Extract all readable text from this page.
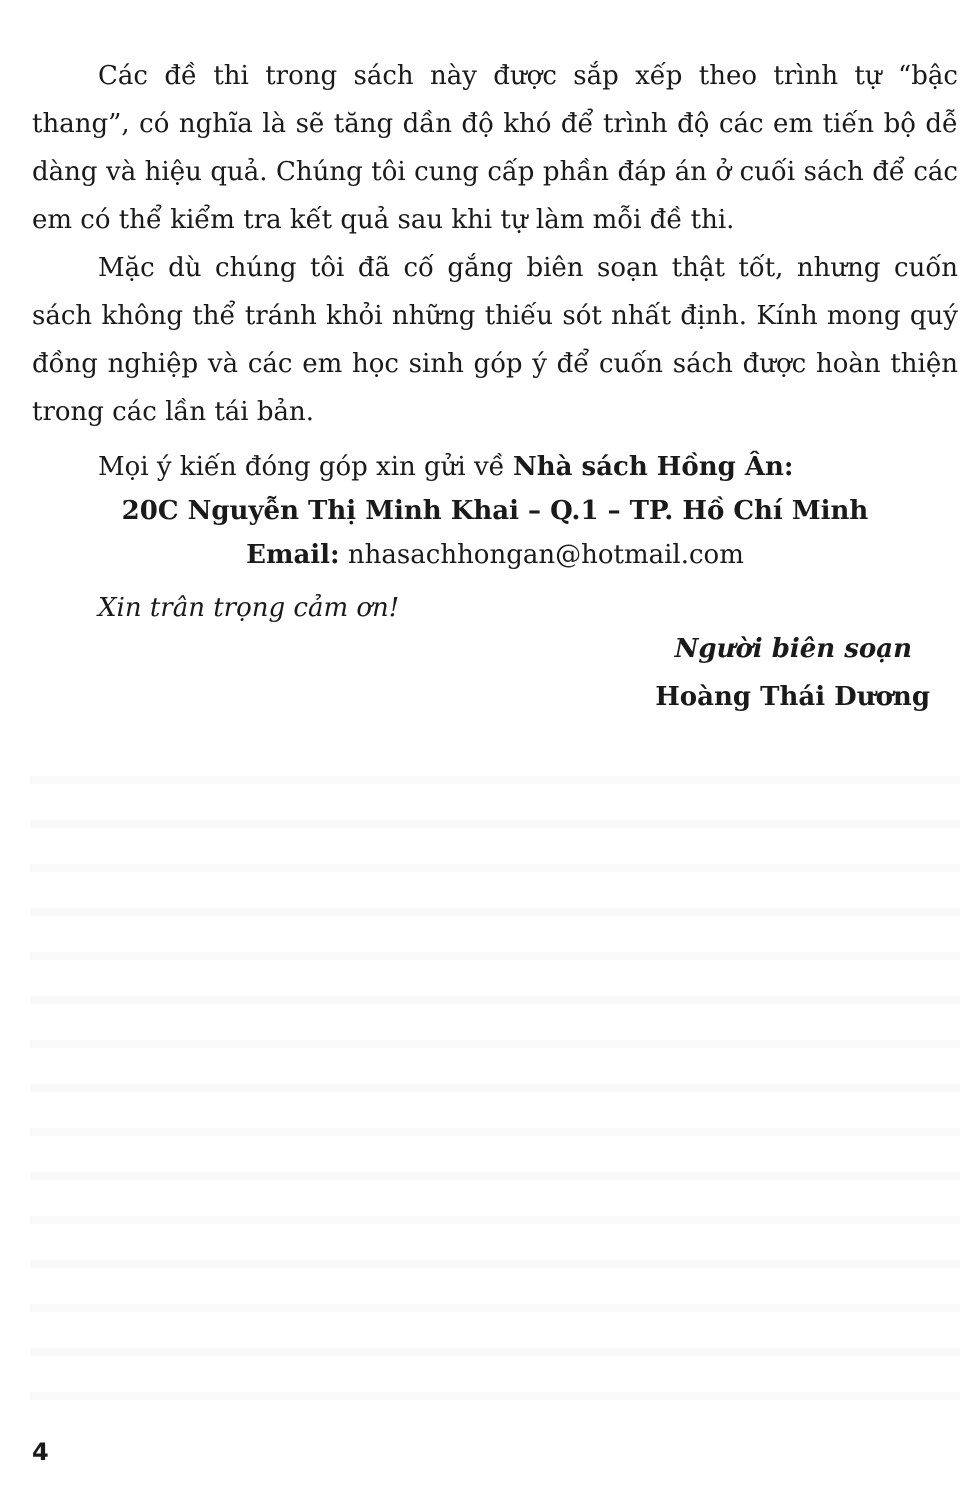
Các đề thi trong sách này được sắp xếp theo trình tự “bậc thang”, có nghĩa là sẽ tăng dần độ khó để trình độ các em tiến bộ dễ dàng và hiệu quả. Chúng tôi cung cấp phần đáp án ở cuối sách để các em có thể kiểm tra kết quả sau khi tự làm mỗi đề thi.

Mặc dù chúng tôi đã cố gắng biên soạn thật tốt, nhưng cuốn sách không thể tránh khỏi những thiếu sót nhất định. Kính mong quý đồng nghiệp và các em học sinh góp ý để cuốn sách được hoàn thiện trong các lần tái bản.

Mọi ý kiến đóng góp xin gửi về Nhà sách Hồng Ân:
20C Nguyễn Thị Minh Khai – Q.1 – TP. Hồ Chí Minh
Email: nhasachhongan@hotmail.com
Xin trân trọng cảm ơn!
Người biên soạn
Hoàng Thái Dương
4
